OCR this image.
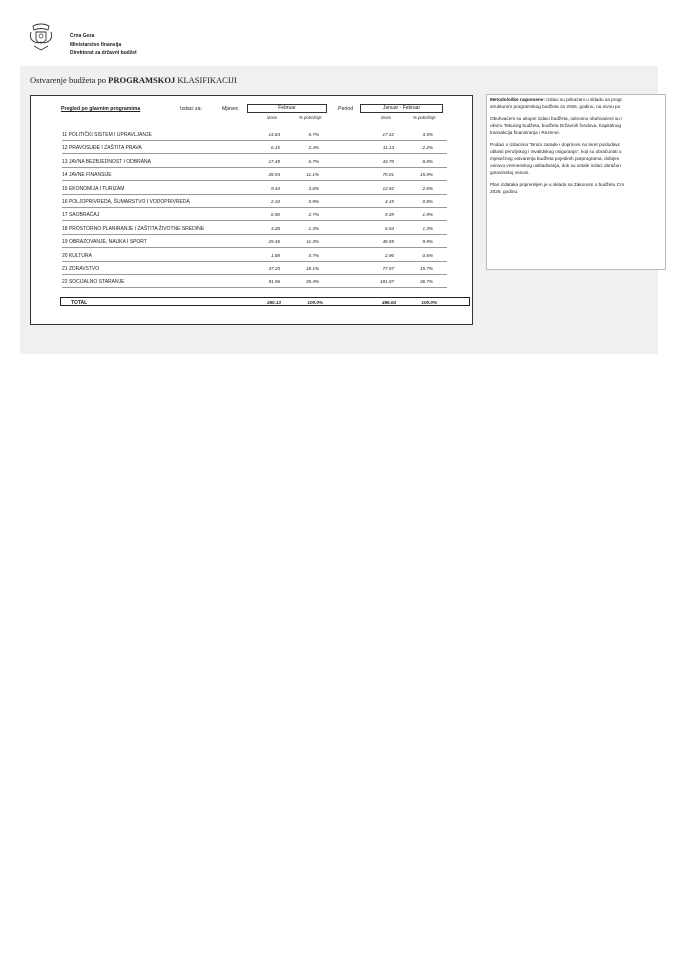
Crna Gora
Ministarstvo finansija
Direktorat za državni budžet
Ostvarenje budžeta po PROGRAMSKOJ KLASIFIKACIJI
Pregled po glavnim programima	Izdaci za:	Mjesec	Februar	Period	Januar - Februar
iznos	% potrošnje	iznos	% potrošnje
11 POLITIČKI SISTEM I UPRAVLJANJE	14.84	5.7%	17.42	3.5%
12 PRAVOSUĐE I ZAŠTITA PRAVA	6.15	2.4%	11.13	2.2%
13 JAVNA BEZBJEDNOST I ODBRANA	17.49	6.7%	43.70	8.8%
14 JAVNE FINANSIJE	28.94	11.1%	79.01	15.9%
15 EKONOMIJA I TURIZAM	9.44	3.6%	12.92	2.6%
16 POLJOPRIVREDA, ŠUMARSTVO I VODOPRIVREDA	2.34	0.9%	4.19	0.8%
17 SAOBRAĆAJ	6.96	2.7%	9.39	1.9%
18 PROSTORNO PLANIRANJE I ZAŠTITA ŽIVOTNE SREDINE	3.28	1.3%	6.54	1.3%
19 OBRAZOVANJE, NAUKA I SPORT	29.46	11.3%	48.95	9.9%
20 KULTURA	1.88	0.7%	2.96	0.6%
21 ZDRAVSTVO	47.20	18.1%	77.97	15.7%
22 SOCIJALNO STARANJE	91.96	35.4%	181.87	36.7%
TOTAL	260.13	100.0%	496.04	100.0%

Metodološke napomene: Izdaci su prikazani u skladu sa progr

strukturom programskog budžeta za 2026. godinu, na nivou po

Obuhvaćeni su ukupni izdaci budžeta, odnosno obuhvaćeni su i

okviru Tekućeg budžeta, budžeta Državnih fondova, Kapitalnog

transakcija finansiranja i Rezerve.

Podaci o izdacima "Bruto zarade i doprinosi na teret poslodavc

oblasti penzijskog i invalidskog osiguranja", koji su obračunati u

mjesečnog ostvarenja budžeta pojedinih potprograma, dobijen

osnovu vremenskog uskladivanja, dok su ostale izdaci obračun

gotovinskoj osnovi.

Plan izdataka pripremljen je u skladu sa Zakonom o budžetu Crn

2026. godinu.
